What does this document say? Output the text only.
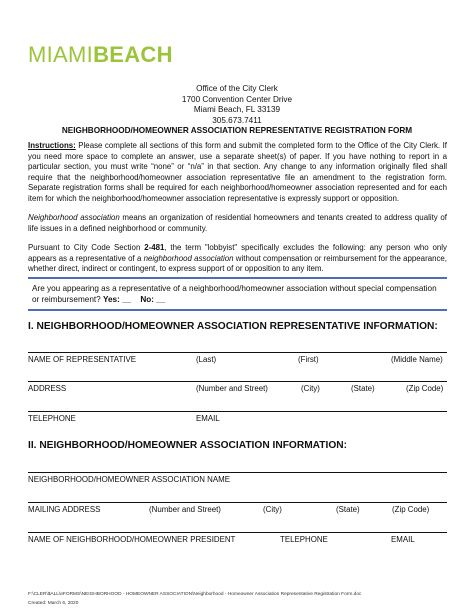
MIAMIBEACH
Office of the City Clerk
1700 Convention Center Drive
Miami Beach, FL 33139
305.673.7411
NEIGHBORHOOD/HOMEOWNER ASSOCIATION REPRESENTATIVE REGISTRATION FORM

Instructions: Please complete all sections of this form and submit the completed form to the Office of the City Clerk. If you need more space to complete an answer, use a separate sheet(s) of paper. If you have nothing to report in a particular section, you must write “none” or “n/a” in that section. Any change to any information originally filed shall require that the neighborhood/homeowner association representative file an amendment to the registration form. Separate registration forms shall be required for each neighborhood/homeowner association represented and for each item for which the neighborhood/homeowner association representative is expressly support or opposition.

Neighborhood association means an organization of residential homeowners and tenants created to address quality of life issues in a defined neighborhood or community.

Pursuant to City Code Section 2-481, the term "lobbyist" specifically excludes the following: any person who only appears as a representative of a neighborhood association without compensation or reimbursement for the appearance, whether direct, indirect or contingent, to express support of or opposition to any item.

Are you appearing as a representative of a neighborhood/homeowner association without special compensation or reimbursement? Yes: __ No: __

I. NEIGHBORHOOD/HOMEOWNER ASSOCIATION REPRESENTATIVE INFORMATION:
NAME OF REPRESENTATIVE	(Last)	(First)	(Middle Name)
ADDRESS	(Number and Street)	(City)	(State)	(Zip Code)
TELEPHONE	EMAIL
II. NEIGHBORHOOD/HOMEOWNER ASSOCIATION INFORMATION:
NEIGHBORHOOD/HOMEOWNER ASSOCIATION NAME
MAILING ADDRESS	(Number and Street)	(City)	(State)	(Zip Code)
NAME OF NEIGHBORHOOD/HOMEOWNER PRESIDENT	TELEPHONE	EMAIL
F:\CLER\$ALL\eFORMS\NEIGHBORHOOD - HOMEOWNER ASSOCIATION\Neighborhood - Homeowner Association Representative Registration Form.doc
Created: March 6, 2020
